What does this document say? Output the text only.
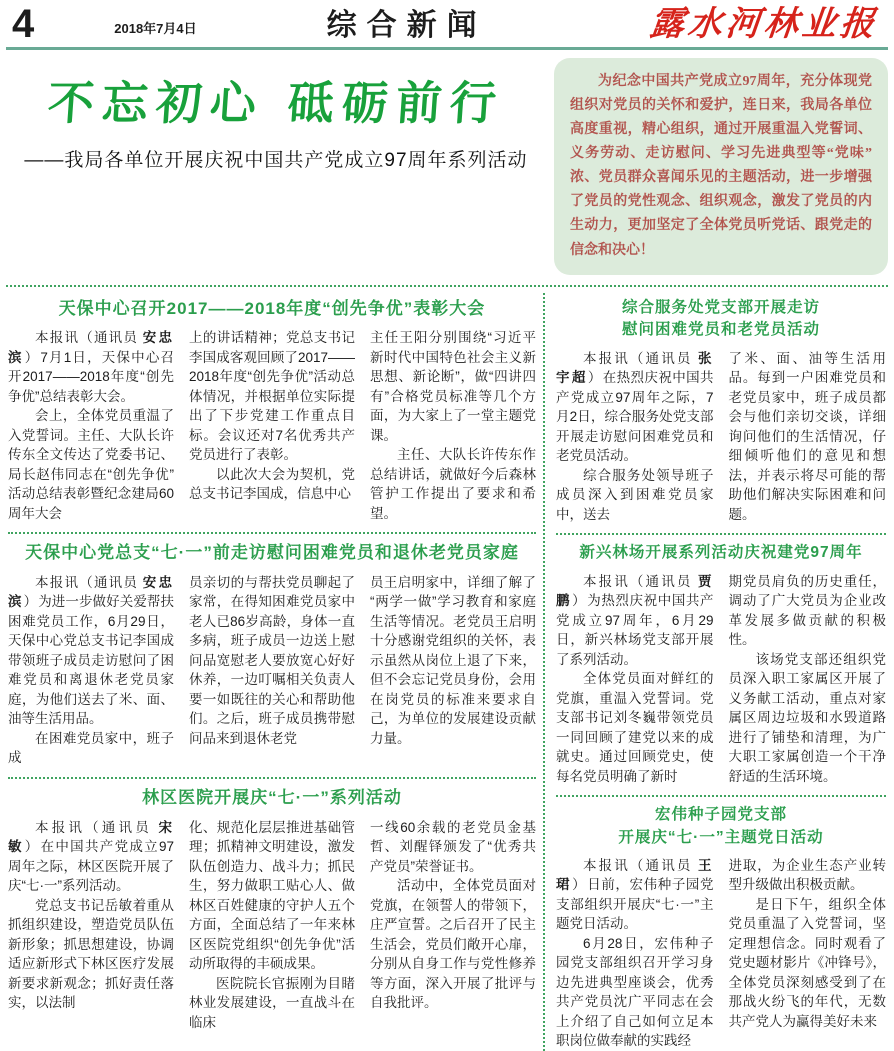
4	2018年7月4日	综合新闻	露水河林业报
不忘初心 砥砺前行
——我局各单位开展庆祝中国共产党成立97周年系列活动

为纪念中国共产党成立97周年，充分体现党组织对党员的关怀和爱护，连日来，我局各单位高度重视，精心组织，通过开展重温入党誓词、义务劳动、走访慰问、学习先进典型等“党味”浓、党员群众喜闻乐见的主题活动，进一步增强了党员的党性观念、组织观念，激发了党员的内生动力，更加坚定了全体党员听党话、跟党走的信念和决心！

天保中心召开2017——2018年度“创先争优”表彰大会

本报讯（通讯员 安忠滨）7月1日，天保中心召开2017——2018年度“创先争优”总结表彰大会。

会上，全体党员重温了入党誓词。主任、大队长许传东全文传达了党委书记、局长赵伟同志在“创先争优”活动总结表彰暨纪念建局60周年大会

上的讲话精神；党总支书记李国成客观回顾了2017——2018年度“创先争优”活动总体情况，并根据单位实际提出了下步党建工作重点目标。会议还对7名优秀共产党员进行了表彰。

以此次大会为契机，党总支书记李国成，信息中心

主任王阳分别围绕“习近平新时代中国特色社会主义新思想、新论断”，做“四讲四有”合格党员标准等几个方面，为大家上了一堂主题党课。

主任、大队长许传东作总结讲话，就做好今后森林管护工作提出了要求和希望。

天保中心党总支“七·一”前走访慰问困难党员和退休老党员家庭

本报讯（通讯员 安忠滨）为进一步做好关爱帮扶困难党员工作，6月29日，天保中心党总支书记李国成带领班子成员走访慰问了困难党员和离退休老党员家庭，为他们送去了米、面、油等生活用品。

在困难党员家中，班子成

员亲切的与帮扶党员聊起了家常，在得知困难党员家中老人已86岁高龄，身体一直多病，班子成员一边送上慰问品宽慰老人要放宽心好好休养，一边叮嘱相关负责人要一如既往的关心和帮助他们。之后，班子成员携带慰问品来到退休老党

员王启明家中，详细了解了“两学一做”学习教育和家庭生活等情况。老党员王启明十分感谢党组织的关怀，表示虽然从岗位上退了下来，但不会忘记党员身份，会用在岗党员的标准来要求自己，为单位的发展建设贡献力量。

林区医院开展庆“七·一”系列活动

本报讯（通讯员 宋敏）在中国共产党成立97周年之际，林区医院开展了庆“七·一”系列活动。

党总支书记岳敏着重从抓组织建设，塑造党员队伍新形象；抓思想建设，协调适应新形式下林区医疗发展新要求新观念；抓好责任落实，以法制

化、规范化层层推进基础管理；抓精神文明建设，激发队伍创造力、战斗力；抓民生，努力做职工贴心人、做林区百姓健康的守护人五个方面，全面总结了一年来林区医院党组织“创先争优”活动所取得的丰硕成果。

医院院长官振刚为目睹林业发展建设，一直战斗在临床

一线60余载的老党员金基哲、刘醒铎颁发了“优秀共产党员”荣誉证书。

活动中，全体党员面对党旗，在领誓人的带领下，庄严宣誓。之后召开了民主生活会，党员们敞开心扉，分别从自身工作与党性修养等方面，深入开展了批评与自我批评。

综合服务处党支部开展走访
慰问困难党员和老党员活动

本报讯（通讯员 张宇超）在热烈庆祝中国共产党成立97周年之际，7月2日，综合服务处党支部开展走访慰问困难党员和老党员活动。

综合服务处领导班子成员深入到困难党员家中，送去

了米、面、油等生活用品。每到一户困难党员和老党员家中，班子成员都会与他们亲切交谈，详细询问他们的生活情况，仔细倾听他们的意见和想法，并表示将尽可能的帮助他们解决实际困难和问题。

新兴林场开展系列活动庆祝建党97周年

本报讯（通讯员 贾鹏）为热烈庆祝中国共产党成立97周年，6月29日，新兴林场党支部开展了系列活动。

全体党员面对鲜红的党旗，重温入党誓词。党支部书记刘冬巍带领党员一同回顾了建党以来的成就史。通过回顾党史，使每名党员明确了新时

期党员肩负的历史重任，调动了广大党员为企业改革发展多做贡献的积极性。

该场党支部还组织党员深入职工家属区开展了义务献工活动，重点对家属区周边垃圾和水毁道路进行了铺垫和清理，为广大职工家属创造一个干净舒适的生活环境。

宏伟种子园党支部
开展庆“七·一”主题党日活动

本报讯（通讯员 王珺）日前，宏伟种子园党支部组织开展庆“七·一”主题党日活动。

6月28日，宏伟种子园党支部组织召开学习身边先进典型座谈会，优秀共产党员沈广平同志在会上介绍了自己如何立足本职岗位做奉献的实践经

进取，为企业生态产业转型升级做出积极贡献。

是日下午，组织全体党员重温了入党誓词，坚定理想信念。同时观看了党史题材影片《冲锋号》，全体党员深刻感受到了在那战火纷飞的年代，无数共产党人为赢得美好未来
